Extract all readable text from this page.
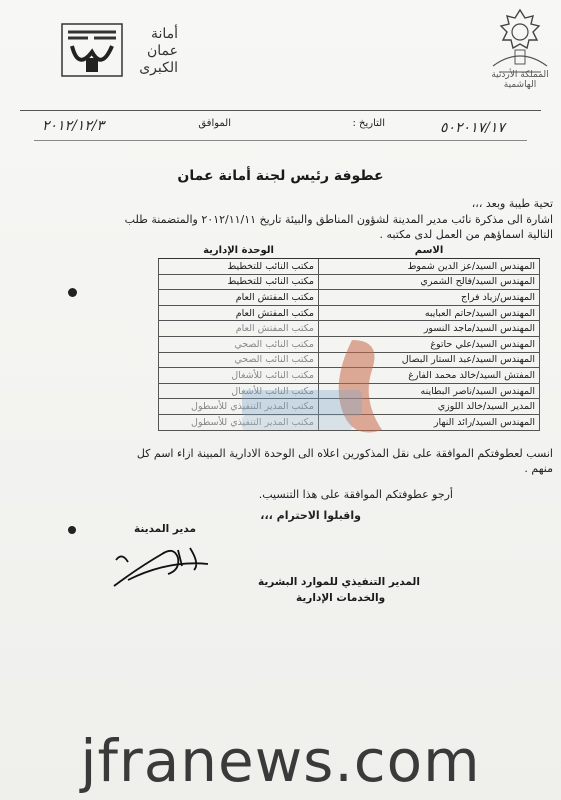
المملكة الأردنية الهاشمية
أمانة
عمان
الكبرى
التاريخ :
الموافق
٢٠١٢/١٢/٣	٥٠٢٠١٧/١٧
عطوفة رئيس لجنة أمانة عمان
تحية طيبة وبعد ،،،
اشارة الى مذكرة نائب مدير المدينة لشؤون المناطق والبيئة تاريخ ٢٠١٢/١١/١١ والمتضمنة طلب
التالية اسماؤهم من العمل لدى مكتبه .
الاسم	الوحدة الإدارية
المهندس السيد/عز الدين شموط	مكتب النائب للتخطيط
المهندس السيد/فالح الشمري	مكتب النائب للتخطيط
المهندس/زياد فراج	مكتب المفتش العام
المهندس السيد/حاتم العبايبه	مكتب المفتش العام
المهندس السيد/ماجد النسور	مكتب المفتش العام
المهندس السيد/علي حاتوغ	مكتب النائب الصحي
المهندس السيد/عبد الستار البصال	مكتب النائب الصحي
المفتش السيد/خالد محمد الفارغ	مكتب النائب للأشغال
المهندس السيد/ناصر البطاينه	مكتب النائب للأشغال
المدير السيد/خالد اللوزي	مكتب المدير التنفيذي للأسطول
المهندس السيد/رائد النهار	مكتب المدير التنفيذي للأسطول
انسب لعطوفتكم الموافقة على نقل المذكورين اعلاه الى الوحدة الادارية المبينة ازاء اسم كل
منهم .
أرجو عطوفتكم الموافقة على هذا التنسيب.
واقبلوا الاحترام ،،،
مدير المدينة
المدير التنفيذي للموارد البشرية
والخدمات الإدارية
jfranews.com
